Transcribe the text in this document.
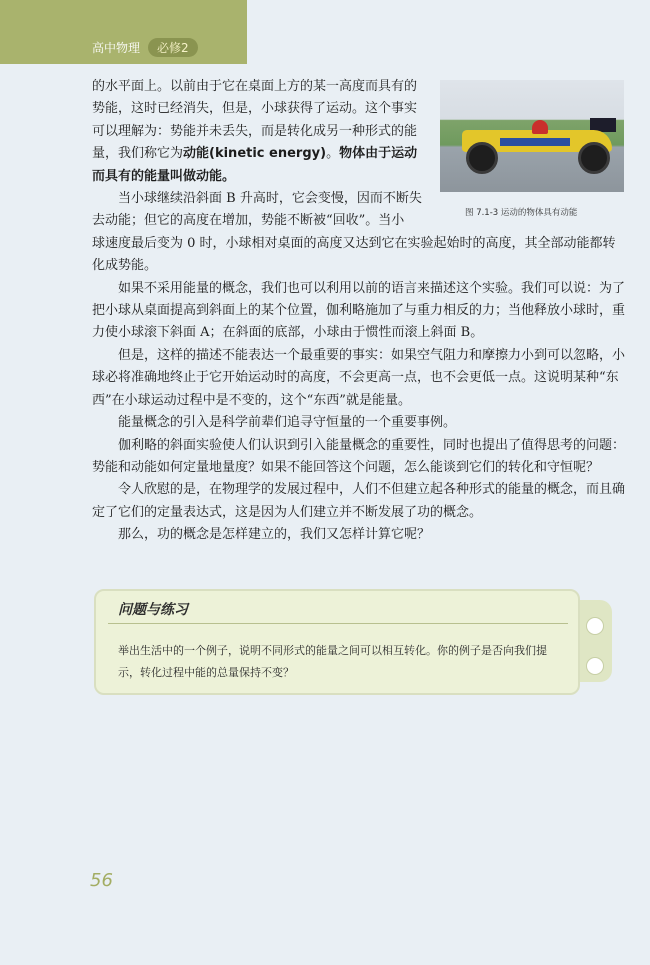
高中物理	必修2
图 7.1-3 运动的物体具有动能

的水平面上。以前由于它在桌面上方的某一高度而具有的势能，这时已经消失，但是，小球获得了运动。这个事实可以理解为：势能并未丢失，而是转化成另一种形式的能量，我们称它为动能(kinetic energy)。物体由于运动而具有的能量叫做动能。

当小球继续沿斜面 B 升高时，它会变慢，因而不断失去动能；但它的高度在增加，势能不断被“回收”。当小

球速度最后变为 0 时，小球相对桌面的高度又达到它在实验起始时的高度，其全部动能都转化成势能。

如果不采用能量的概念，我们也可以利用以前的语言来描述这个实验。我们可以说：为了把小球从桌面提高到斜面上的某个位置，伽利略施加了与重力相反的力；当他释放小球时，重力使小球滚下斜面 A；在斜面的底部，小球由于惯性而滚上斜面 B。

但是，这样的描述不能表达一个最重要的事实：如果空气阻力和摩擦力小到可以忽略，小球必将准确地终止于它开始运动时的高度，不会更高一点，也不会更低一点。这说明某种“东西”在小球运动过程中是不变的，这个“东西”就是能量。

能量概念的引入是科学前辈们追寻守恒量的一个重要事例。

伽利略的斜面实验使人们认识到引入能量概念的重要性，同时也提出了值得思考的问题：势能和动能如何定量地量度？如果不能回答这个问题，怎么能谈到它们的转化和守恒呢？

令人欣慰的是，在物理学的发展过程中，人们不但建立起各种形式的能量的概念，而且确定了它们的定量表达式，这是因为人们建立并不断发展了功的概念。

那么，功的概念是怎样建立的，我们又怎样计算它呢？

问题与练习
举出生活中的一个例子，说明不同形式的能量之间可以相互转化。你的例子是否向我们提示，转化过程中能的总量保持不变？
56
